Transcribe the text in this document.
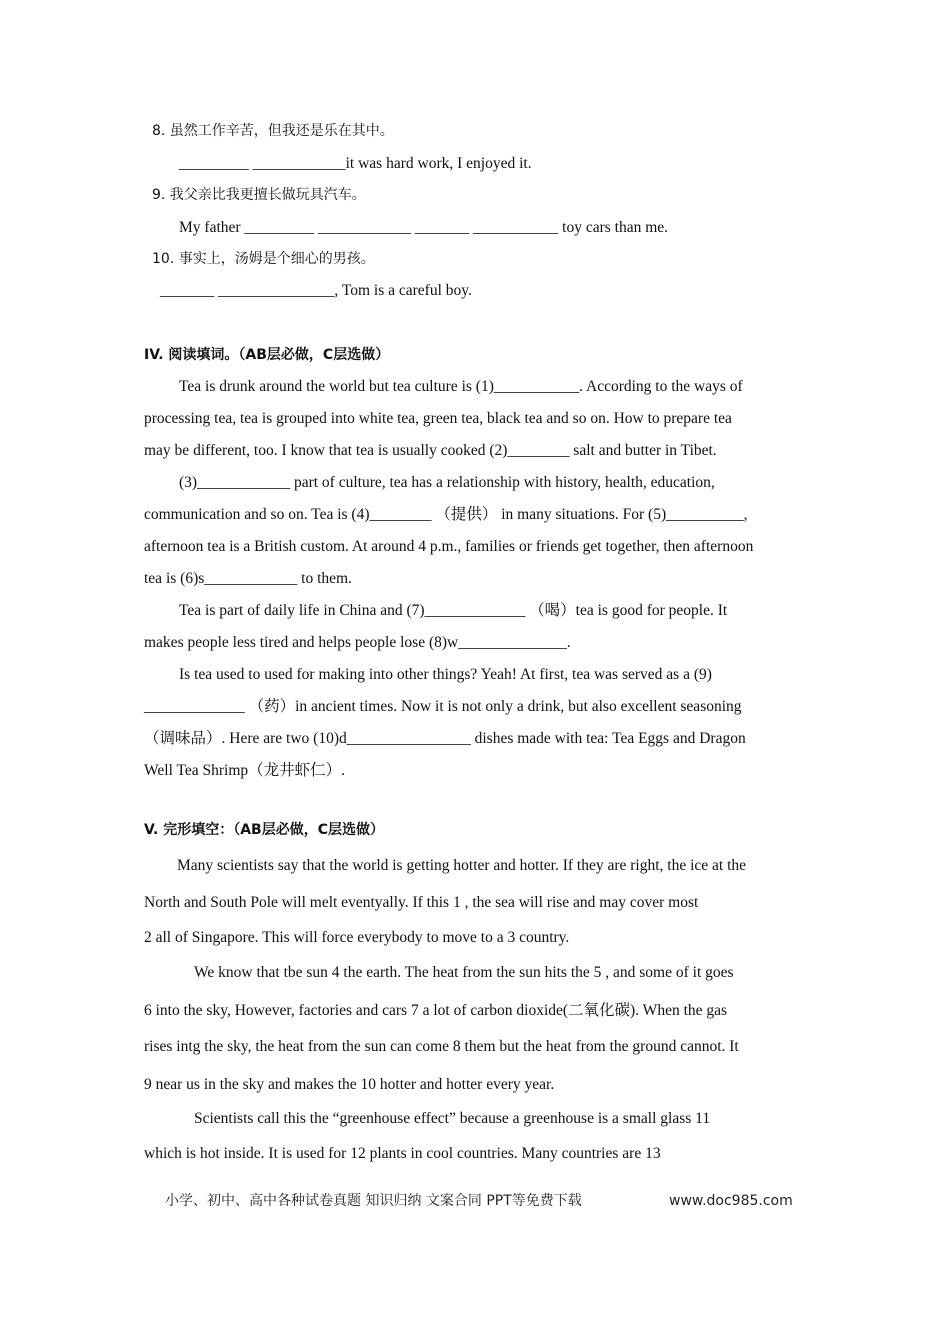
8. 虽然工作辛苦，但我还是乐在其中。
_________ ____________it was hard work, I enjoyed it.
9. 我父亲比我更擅长做玩具汽车。
My father _________ ____________ _______ ___________ toy cars than me.
10. 事实上，汤姆是个细心的男孩。
_______ _______________, Tom is a careful boy.
IV. 阅读填词。（AB层必做，C层选做）
Tea is drunk around the world but tea culture is (1)___________. According to the ways of
processing tea, tea is grouped into white tea, green tea, black tea and so on. How to prepare tea
may be different, too. I know that tea is usually cooked (2)________ salt and butter in Tibet.
(3)____________ part of culture, tea has a relationship with history, health, education,
communication and so on. Tea is (4)________ （提供） in many situations. For (5)__________,
afternoon tea is a British custom. At around 4 p.m., families or friends get together, then afternoon
tea is (6)s____________ to them.
Tea is part of daily life in China and (7)_____________ （喝）tea is good for people. It
makes people less tired and helps people lose (8)w______________.
Is tea used to used for making into other things? Yeah! At first, tea was served as a (9)
_____________ （药）in ancient times. Now it is not only a drink, but also excellent seasoning
（调味品）. Here are two (10)d________________ dishes made with tea: Tea Eggs and Dragon
Well Tea Shrimp（龙井虾仁）.
V. 完形填空：（AB层必做，C层选做）
Many scientists say that the world is getting hotter and hotter. If they are right, the ice at the
North and South Pole will melt eventyally. If this 1 , the sea will rise and may cover most
2 all of Singapore. This will force everybody to move to a 3 country.
We know that tbe sun 4 the earth. The heat from the sun hits the 5 , and some of it goes
6 into the sky, However, factories and cars 7 a lot of carbon dioxide(二氧化碳). When the gas
rises intg the sky, the heat from the sun can come 8 them but the heat from the ground cannot. It
9 near us in the sky and makes the 10 hotter and hotter every year.
Scientists call this the “greenhouse effect” because a greenhouse is a small glass 11
which is hot inside. It is used for 12 plants in cool countries. Many countries are 13
小学、初中、高中各种试卷真题 知识归纳 文案合同 PPT等免费下载	www.doc985.com
